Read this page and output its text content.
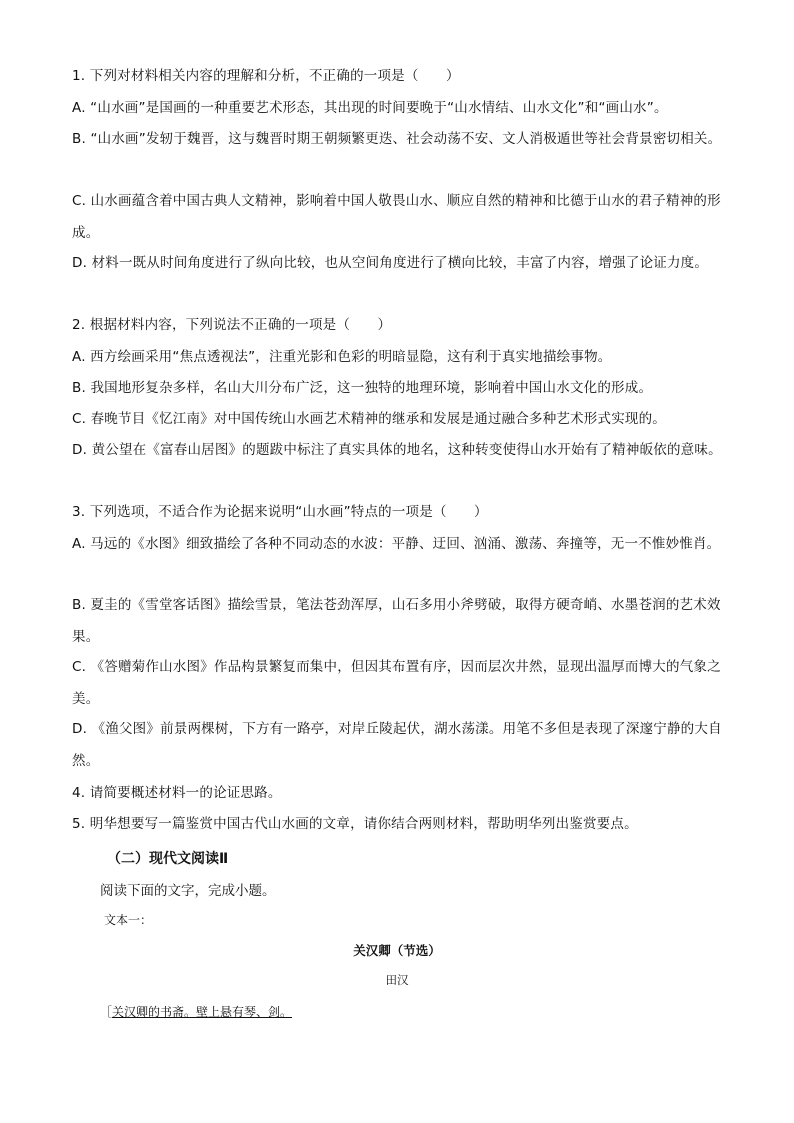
1. 下列对材料相关内容的理解和分析，不正确的一项是（　　）
A. “山水画”是国画的一种重要艺术形态，其出现的时间要晚于“山水情结、山水文化”和“画山水”。
B. “山水画”发轫于魏晋，这与魏晋时期王朝频繁更迭、社会动荡不安、文人消极遁世等社会背景密切相关。
C. 山水画蕴含着中国古典人文精神，影响着中国人敬畏山水、顺应自然的精神和比德于山水的君子精神的形成。
D. 材料一既从时间角度进行了纵向比较，也从空间角度进行了横向比较，丰富了内容，增强了论证力度。
2. 根据材料内容，下列说法不正确的一项是（　　）
A. 西方绘画采用“焦点透视法”，注重光影和色彩的明暗显隐，这有利于真实地描绘事物。
B. 我国地形复杂多样，名山大川分布广泛，这一独特的地理环境，影响着中国山水文化的形成。
C. 春晚节目《忆江南》对中国传统山水画艺术精神的继承和发展是通过融合多种艺术形式实现的。
D. 黄公望在《富春山居图》的题跋中标注了真实具体的地名，这种转变使得山水开始有了精神皈依的意味。
3. 下列选项，不适合作为论据来说明“山水画”特点的一项是（　　）
A. 马远的《水图》细致描绘了各种不同动态的水波：平静、迂回、汹涌、激荡、奔撞等，无一不惟妙惟肖。
B. 夏圭的《雪堂客话图》描绘雪景，笔法苍劲浑厚，山石多用小斧劈破，取得方硬奇峭、水墨苍润的艺术效果。
C. 《答赠菊作山水图》作品构景繁复而集中，但因其布置有序，因而层次井然，显现出温厚而博大的气象之美。
D. 《渔父图》前景两棵树，下方有一路亭，对岸丘陵起伏，湖水荡漾。用笔不多但是表现了深邃宁静的大自然。
4. 请简要概述材料一的论证思路。
5. 明华想要写一篇鉴赏中国古代山水画的文章，请你结合两则材料，帮助明华列出鉴赏要点。
（二）现代文阅读Ⅱ
阅读下面的文字，完成小题。
文本一：
关汉卿（节选）
田汉
［关汉卿的书斋。壁上悬有琴、剑。
